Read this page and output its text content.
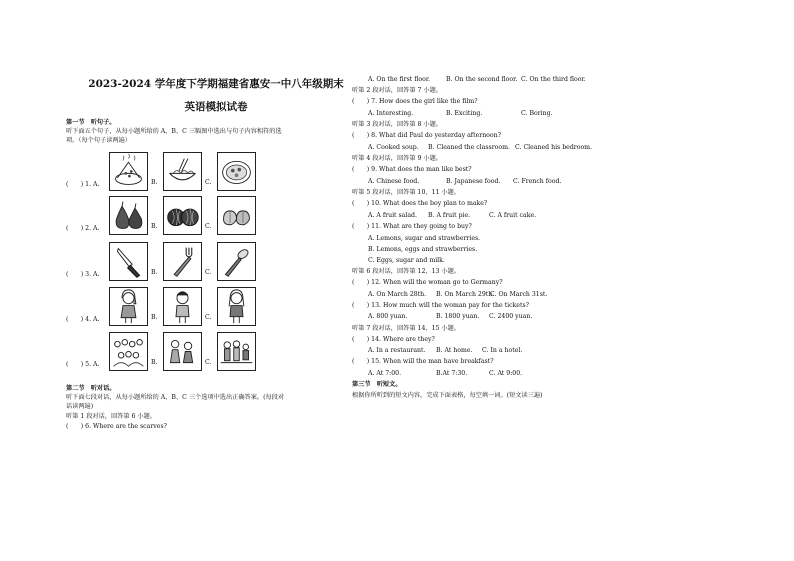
2023-2024 学年度下学期福建省惠安一中八年级期末
英语模拟试卷
第一节　听句子。
听下面五个句子，从每小题所给的 A、B、C 三幅图中选出与句子内容相符的选
项。（每个句子读两遍）
(　　) 1. A.	B.	C.
(　　) 2. A.	B.	C.
(　　) 3. A.	B.	C.
(　　) 4. A.	B.	C.
(　　) 5. A.	B.	C.
第二节　听对话。
听下面七段对话，从每小题所给的 A、B、C 三个选项中选出正确答案。(每段对
话读两遍)
听第 1 段对话，回答第 6 小题。
(　　) 6. Where are the scarves?
A. On the first floor.	B. On the second floor. C. On the third floor.
听第 2 段对话，回答第 7 小题。
(　　) 7. How does the girl like the film?
A. Interesting.	B. Exciting.	C. Boring.
听第 3 段对话，回答第 8 小题。
(　　) 8. What did Paul do yesterday afternoon?
A. Cooked soup. B. Cleaned the classroom. C. Cleaned his bedroom.
听第 4 段对话，回答第 9 小题。
(　　) 9. What does the man like best?
A. Chinese food.	B. Japanese food. C. French food.
听第 5 段对话，回答第 10、11 小题。
(　　) 10. What does the boy plan to make?
A. A fruit salad. B. A fruit pie.	C. A fruit cake.
(　　) 11. What are they going to buy?
A. Lemons, sugar and strawberries.
B. Lemons, eggs and strawberries.
C. Eggs, sugar and milk.
听第 6 段对话，回答第 12、13 小题。
(　　) 12. When will the woman go to Germany?
A. On March 28th. B. On March 29th.
C. On March 31st.
(　　) 13. How much will the woman pay for the tickets?
A. 800 yuan.	B. 1800 yuan. C. 2400 yuan.
听第 7 段对话，回答第 14、15 小题。
(　　) 14. Where are they?
A. In a restaurant. B. At home. C. In a hotel.
(　　) 15. When will the man have breakfast?
A. At 7:00.	B.At 7:30.	C. At 9:00.
第三节　听短文。
根据你所听到的短文内容，完成下面表格，每空填一词。(短文读三遍)
